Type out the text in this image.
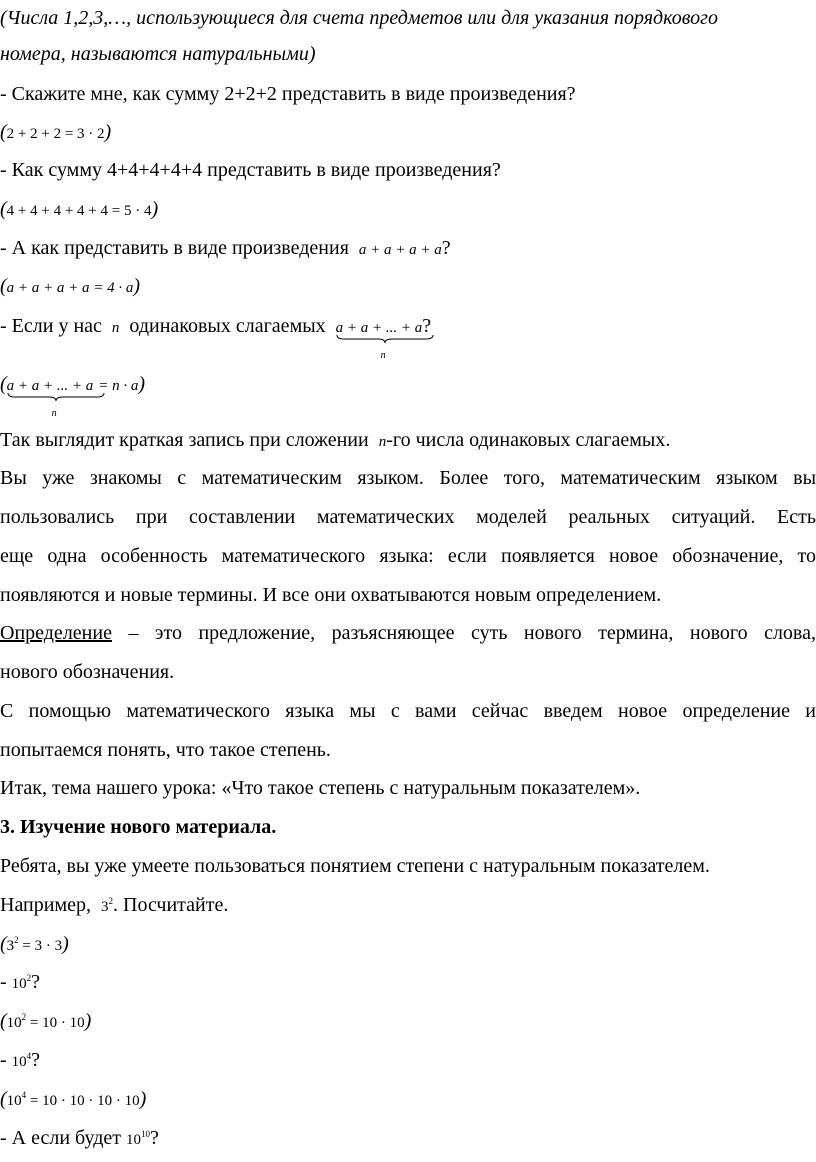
(Числа 1,2,3,…, использующиеся для счета предметов или для указания порядкового
номера, называются натуральными)
- Скажите мне, как сумму 2+2+2 представить в виде произведения?
(2 + 2 + 2 = 3 · 2)
- Как сумму 4+4+4+4+4 представить в виде произведения?
(4 + 4 + 4 + 4 + 4 = 5 · 4)
- А как представить в виде произведения a + a + a + a?
(a + a + a + a = 4 · a)
- Если у нас n одинаковых слагаемых a + a + ... + a
n
?
(a + a + ... + a
n
= n · a)
Так выглядит краткая запись при сложении n-го числа одинаковых слагаемых.
Вы уже знакомы с математическим языком. Более того, математическим языком вы
пользовались при составлении математических моделей реальных ситуаций. Есть
еще одна особенность математического языка: если появляется новое обозначение, то
появляются и новые термины. И все они охватываются новым определением.
Определение – это предложение, разъясняющее суть нового термина, нового слова,
нового обозначения.
С помощью математического языка мы с вами сейчас введем новое определение и
попытаемся понять, что такое степень.
Итак, тема нашего урока: «Что такое степень с натуральным показателем».
3. Изучение нового материала.
Ребята, вы уже умеете пользоваться понятием степени с натуральным показателем.
Например, $3^2$. Посчитайте.
$(3^2 = 3 \cdot 3)$
- $10^2$?
$(10^2 = 10 \cdot 10)$
- $10^4$?
$(10^4 = 10 \cdot 10 \cdot 10 \cdot 10)$
- А если будет $10^{10}$?
